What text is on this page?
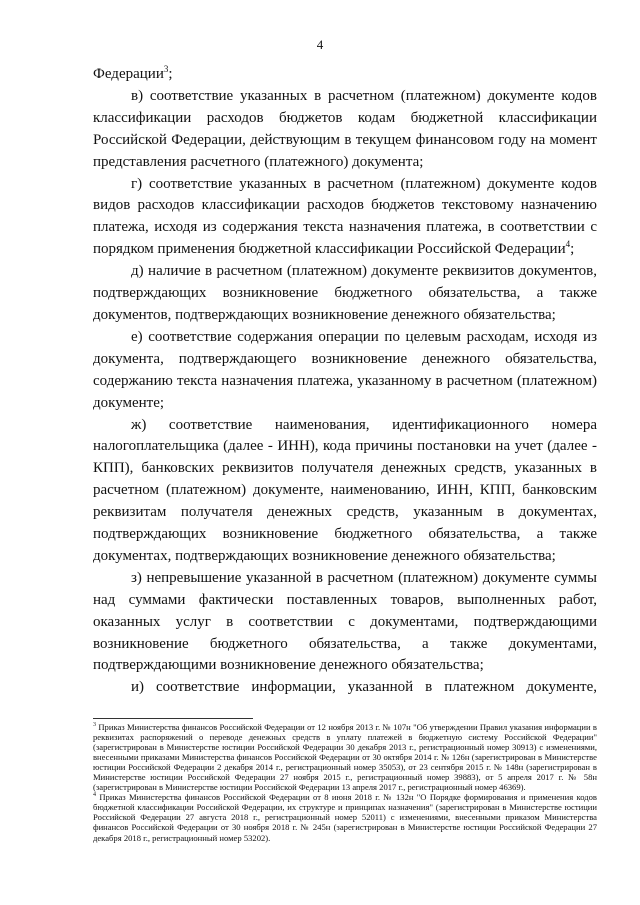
4

Федерации$^3$;

в) соответствие указанных в расчетном (платежном) документе кодов классификации расходов бюджетов кодам бюджетной классификации Российской Федерации, действующим в текущем финансовом году на момент представления расчетного (платежного) документа;

г) соответствие указанных в расчетном (платежном) документе кодов видов расходов классификации расходов бюджетов текстовому назначению платежа, исходя из содержания текста назначения платежа, в соответствии с порядком применения бюджетной классификации Российской Федерации$^4$;

д) наличие в расчетном (платежном) документе реквизитов документов, подтверждающих возникновение бюджетного обязательства, а также документов, подтверждающих возникновение денежного обязательства;

е) соответствие содержания операции по целевым расходам, исходя из документа, подтверждающего возникновение денежного обязательства, содержанию текста назначения платежа, указанному в расчетном (платежном) документе;

ж) соответствие наименования, идентификационного номера налогоплательщика (далее - ИНН), кода причины постановки на учет (далее - КПП), банковских реквизитов получателя денежных средств, указанных в расчетном (платежном) документе, наименованию, ИНН, КПП, банковским реквизитам получателя денежных средств, указанным в документах, подтверждающих возникновение бюджетного обязательства, а также документах, подтверждающих возникновение денежного обязательства;

з) непревышение указанной в расчетном (платежном) документе суммы над суммами фактически поставленных товаров, выполненных работ, оказанных услуг в соответствии с документами, подтверждающими возникновение бюджетного обязательства, а также документами, подтверждающими возникновение денежного обязательства;

и) соответствие информации, указанной в платежном документе,

$^3$ Приказ Министерства финансов Российской Федерации от 12 ноября 2013 г. № 107н "Об утверждении Правил указания информации в реквизитах распоряжений о переводе денежных средств в уплату платежей в бюджетную систему Российской Федерации" (зарегистрирован в Министерстве юстиции Российской Федерации 30 декабря 2013 г., регистрационный номер 30913) с изменениями, внесенными приказами Министерства финансов Российской Федерации от 30 октября 2014 г. № 126н (зарегистрирован в Министерстве юстиции Российской Федерации 2 декабря 2014 г., регистрационный номер 35053), от 23 сентября 2015 г. № 148н (зарегистрирован в Министерстве юстиции Российской Федерации 27 ноября 2015 г., регистрационный номер 39883), от 5 апреля 2017 г. № 58н (зарегистрирован в Министерстве юстиции Российской Федерации 13 апреля 2017 г., регистрационный номер 46369).

$^4$ Приказ Министерства финансов Российской Федерации от 8 июня 2018 г. № 132н "О Порядке формирования и применения кодов бюджетной классификации Российской Федерации, их структуре и принципах назначения" (зарегистрирован в Министерстве юстиции Российской Федерации 27 августа 2018 г., регистрационный номер 52011) с изменениями, внесенными приказом Министерства финансов Российской Федерации от 30 ноября 2018 г. № 245н (зарегистрирован в Министерстве юстиции Российской Федерации 27 декабря 2018 г., регистрационный номер 53202).
